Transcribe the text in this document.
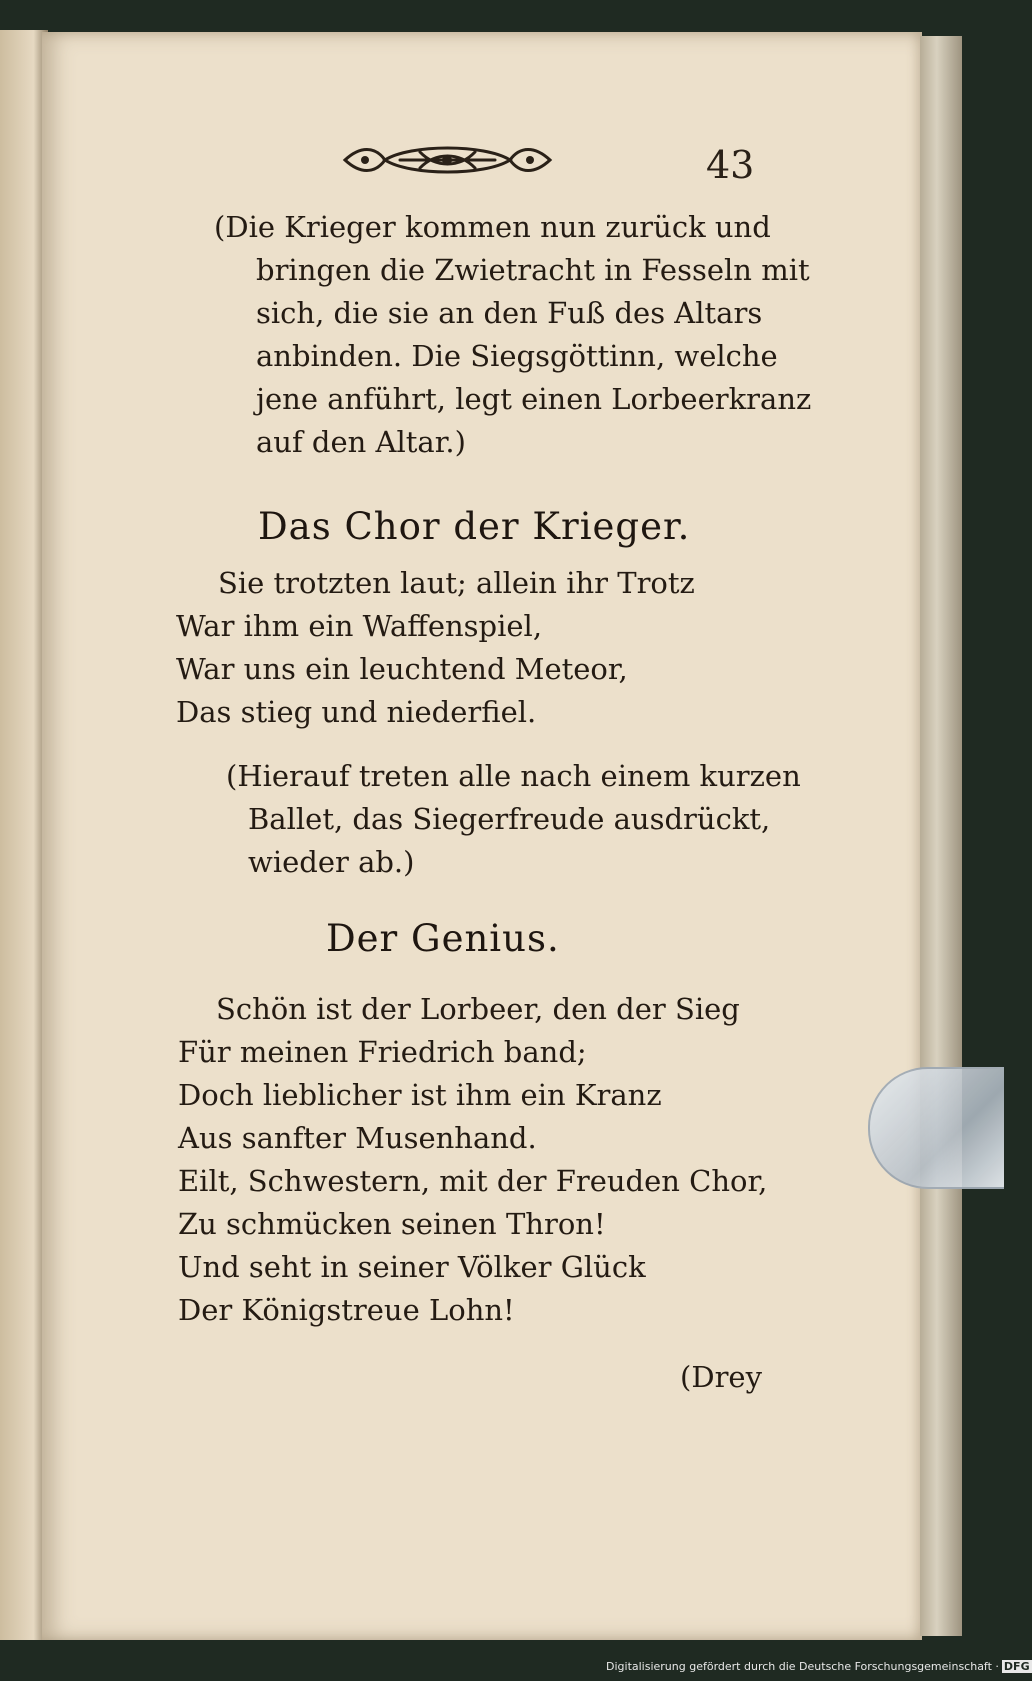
43
(Die Krieger kommen nun zurück und
bringen die Zwietracht in Fesseln mit
sich, die sie an den Fuß des Altars
anbinden. Die Siegsgöttinn, welche
jene anführt, legt einen Lorbeerkranz
auf den Altar.)
Das Chor der Krieger.
Sie trotzten laut; allein ihr Trotz
War ihm ein Waffenspiel,
War uns ein leuchtend Meteor,
Das stieg und niederfiel.
(Hierauf treten alle nach einem kurzen
Ballet, das Siegerfreude ausdrückt,
wieder ab.)
Der Genius.
Schön ist der Lorbeer, den der Sieg
Für meinen Friedrich band;
Doch lieblicher ist ihm ein Kranz
Aus sanfter Musenhand.
Eilt, Schwestern, mit der Freuden Chor,
Zu schmücken seinen Thron!
Und seht in seiner Völker Glück
Der Königstreue Lohn!
(Drey
Digitalisierung gefördert durch die Deutsche Forschungsgemeinschaft · DFG
